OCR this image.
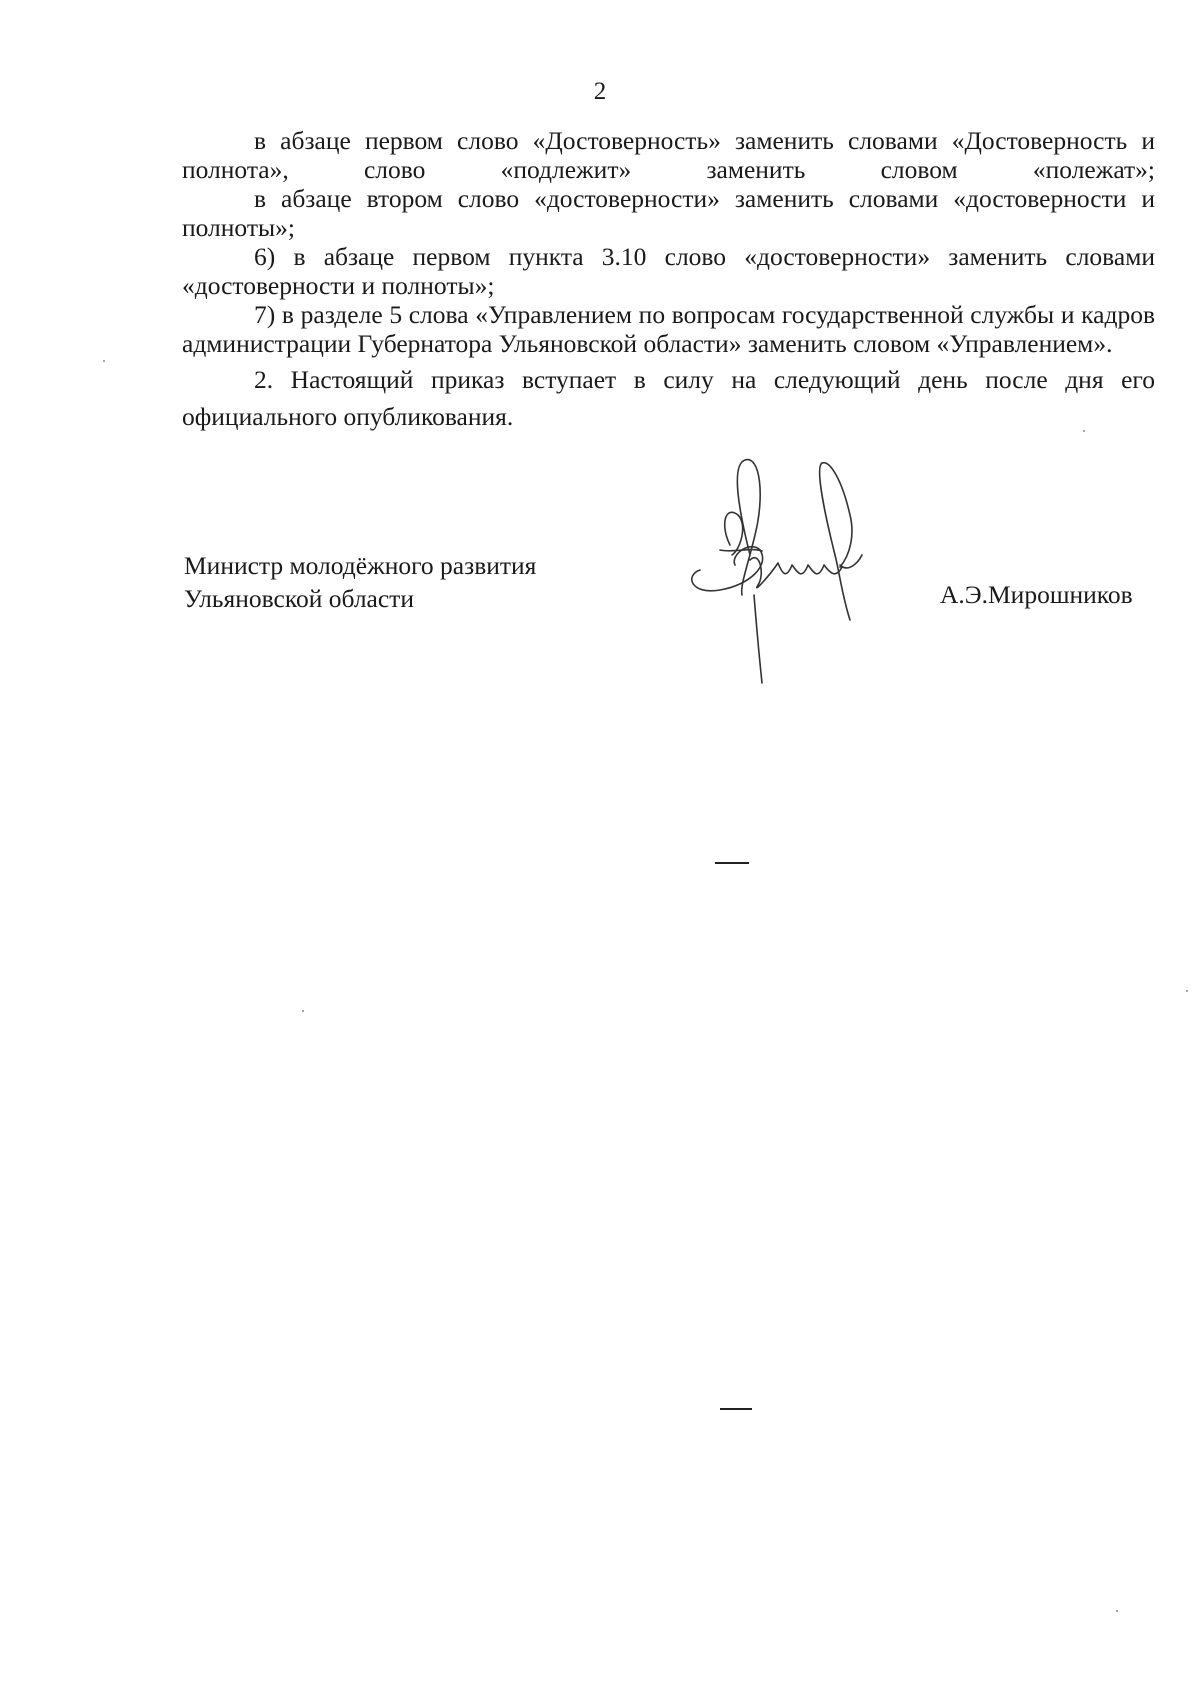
2

в абзаце первом слово «Достоверность» заменить словами «Достоверность и полнота», слово «подлежит» заменить словом «полежат»;

в абзаце втором слово «достоверности» заменить словами «достоверности и полноты»;

6) в абзаце первом пункта 3.10 слово «достоверности» заменить словами «достоверности и полноты»;

7) в разделе 5 слова «Управлением по вопросам государственной службы и кадров администрации Губернатора Ульяновской области» заменить словом «Управлением».

2. Настоящий приказ вступает в силу на следующий день после дня его официального опубликования.

Министр молодёжного развития
Ульяновской области	А.Э.Мирошников
